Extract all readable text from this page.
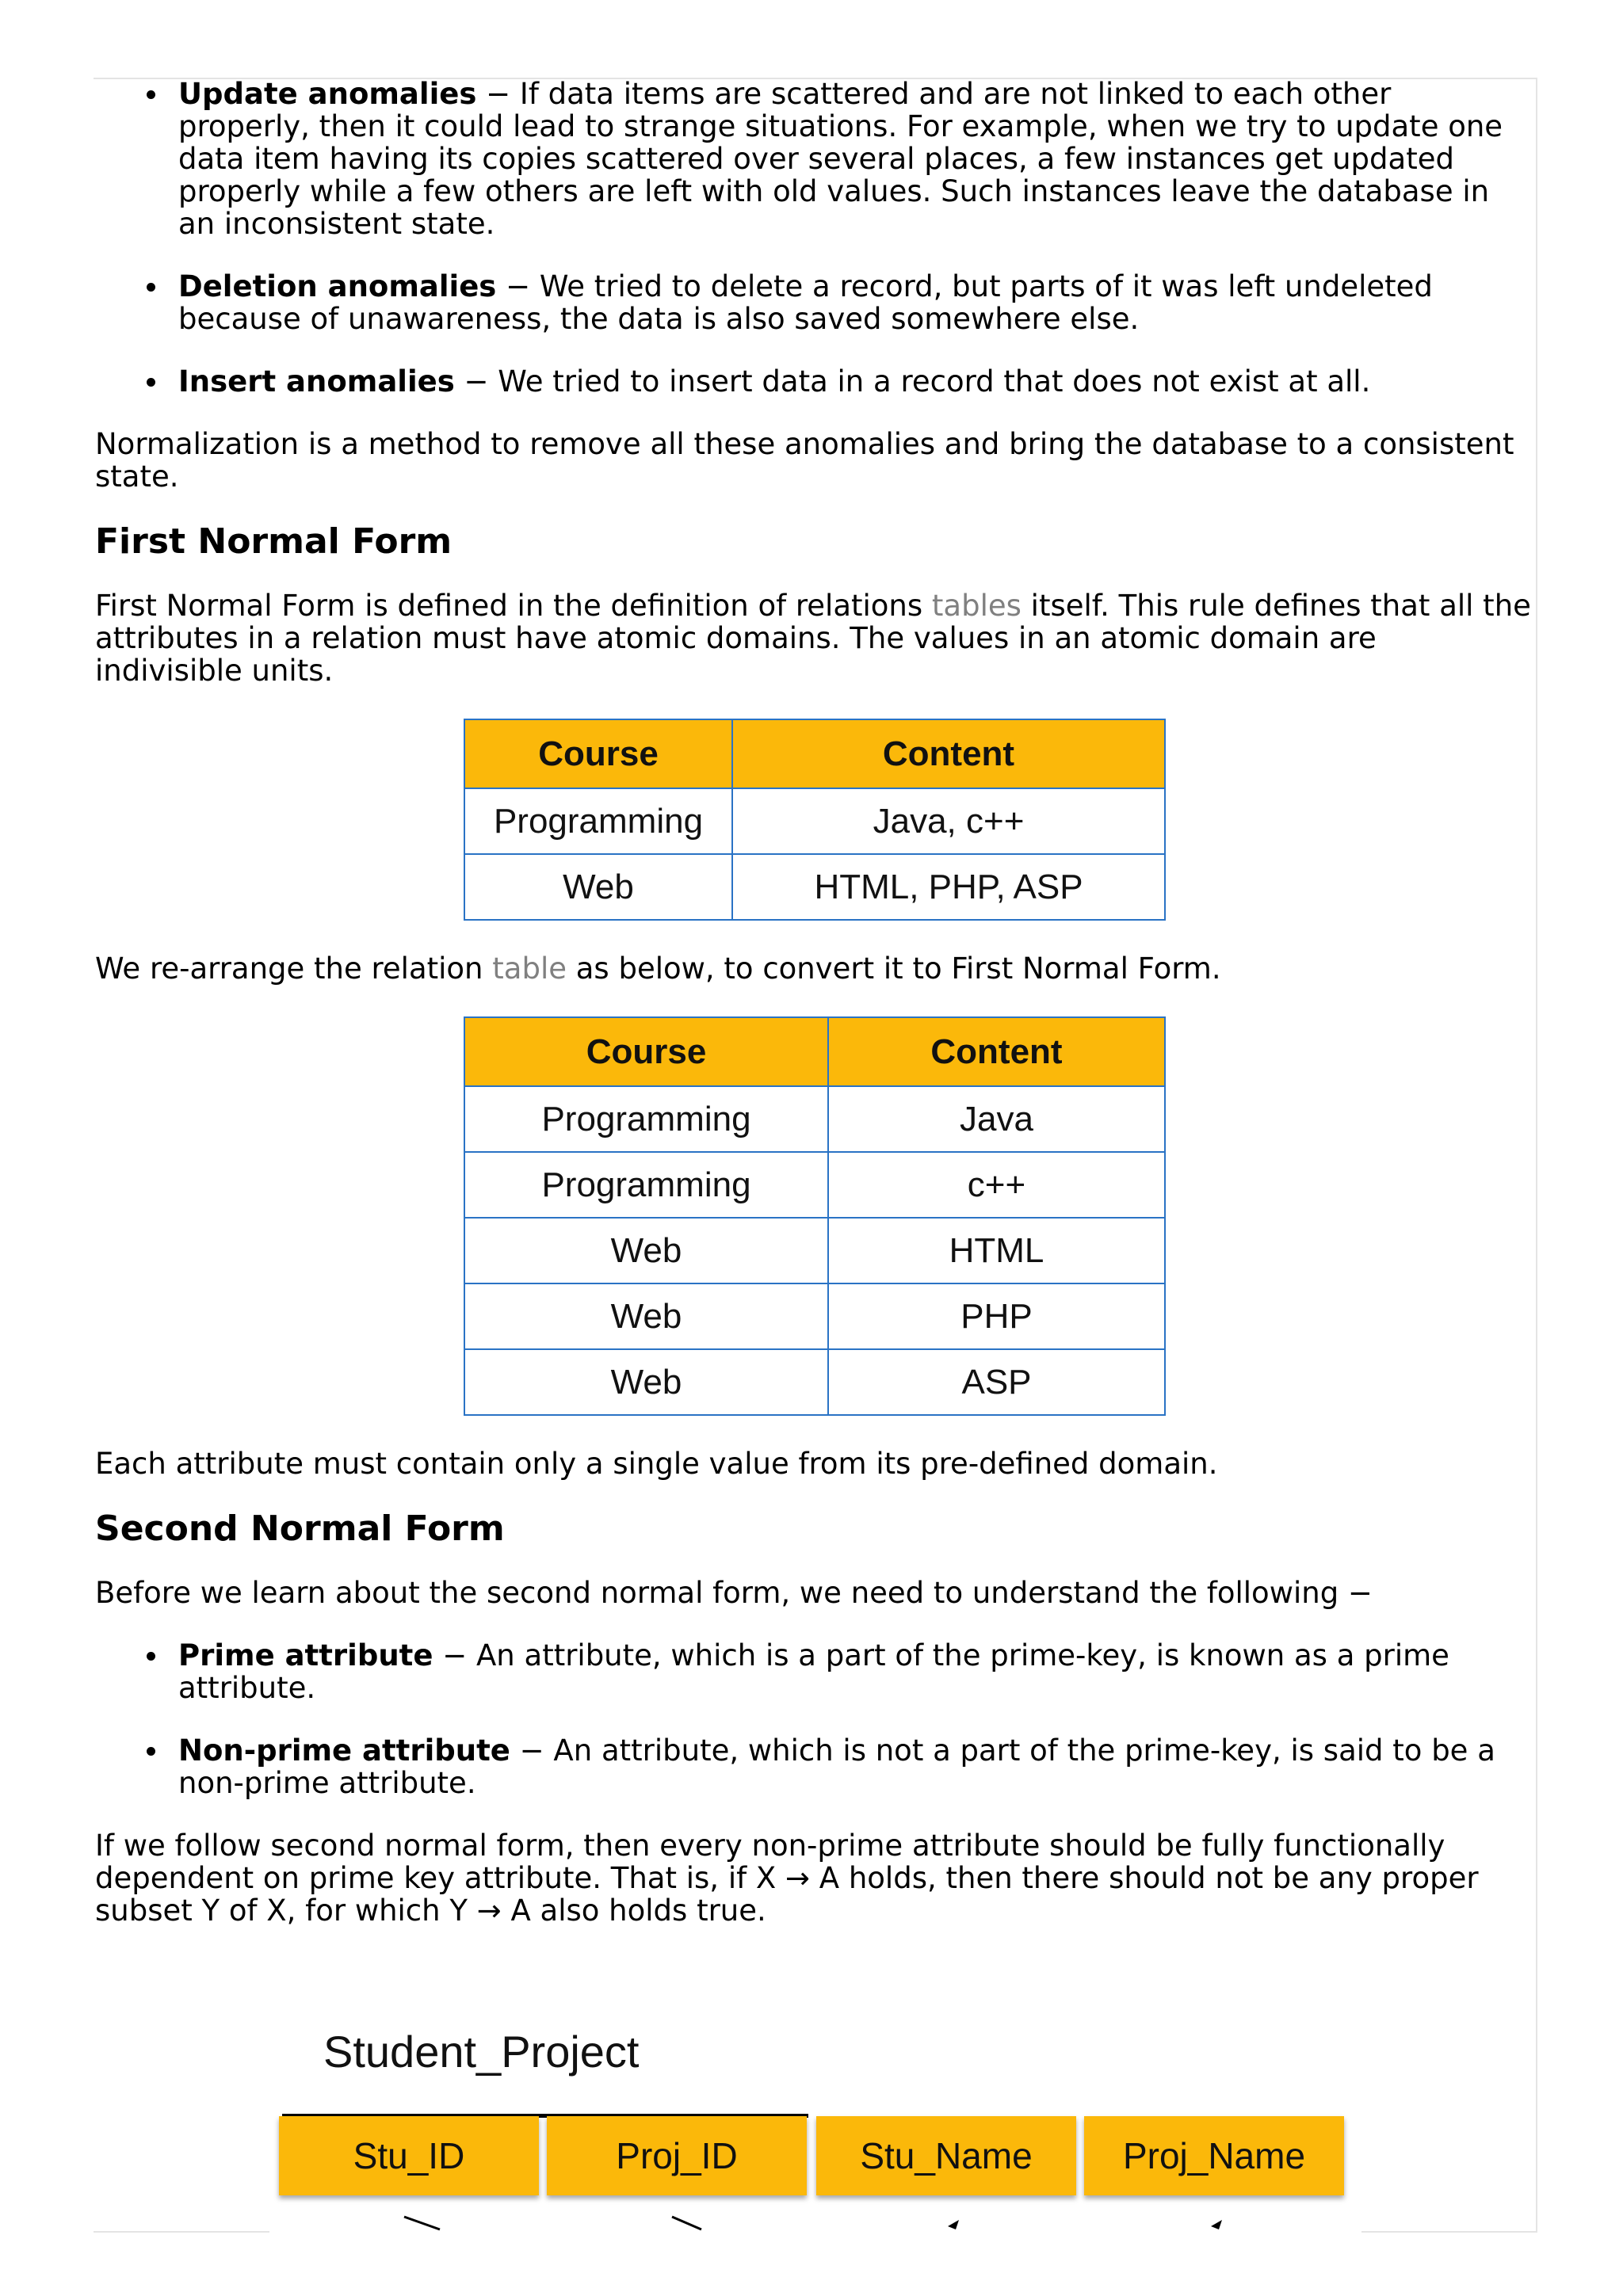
Update anomalies − If data items are scattered and are not linked to each other properly, then it could lead to strange situations. For example, when we try to update one data item having its copies scattered over several places, a few instances get updated properly while a few others are left with old values. Such instances leave the database in an inconsistent state.
Deletion anomalies − We tried to delete a record, but parts of it was left undeleted because of unawareness, the data is also saved somewhere else.
Insert anomalies − We tried to insert data in a record that does not exist at all.

Normalization is a method to remove all these anomalies and bring the database to a consistent state.

First Normal Form

First Normal Form is defined in the definition of relations tables itself. This rule defines that all the attributes in a relation must have atomic domains. The values in an atomic domain are indivisible units.

Course	Content
Programming	Java, c++
Web	HTML, PHP, ASP

We re-arrange the relation table as below, to convert it to First Normal Form.

Course	Content
Programming	Java
Programming	c++
Web	HTML
Web	PHP
Web	ASP

Each attribute must contain only a single value from its pre-defined domain.

Second Normal Form

Before we learn about the second normal form, we need to understand the following −

Prime attribute − An attribute, which is a part of the prime-key, is known as a prime attribute.
Non-prime attribute − An attribute, which is not a part of the prime-key, is said to be a non-prime attribute.

If we follow second normal form, then every non-prime attribute should be fully functionally dependent on prime key attribute. That is, if X → A holds, then there should not be any proper subset Y of X, for which Y → A also holds true.

Student_Project
Stu_ID	Proj_ID	Stu_Name	Proj_Name
